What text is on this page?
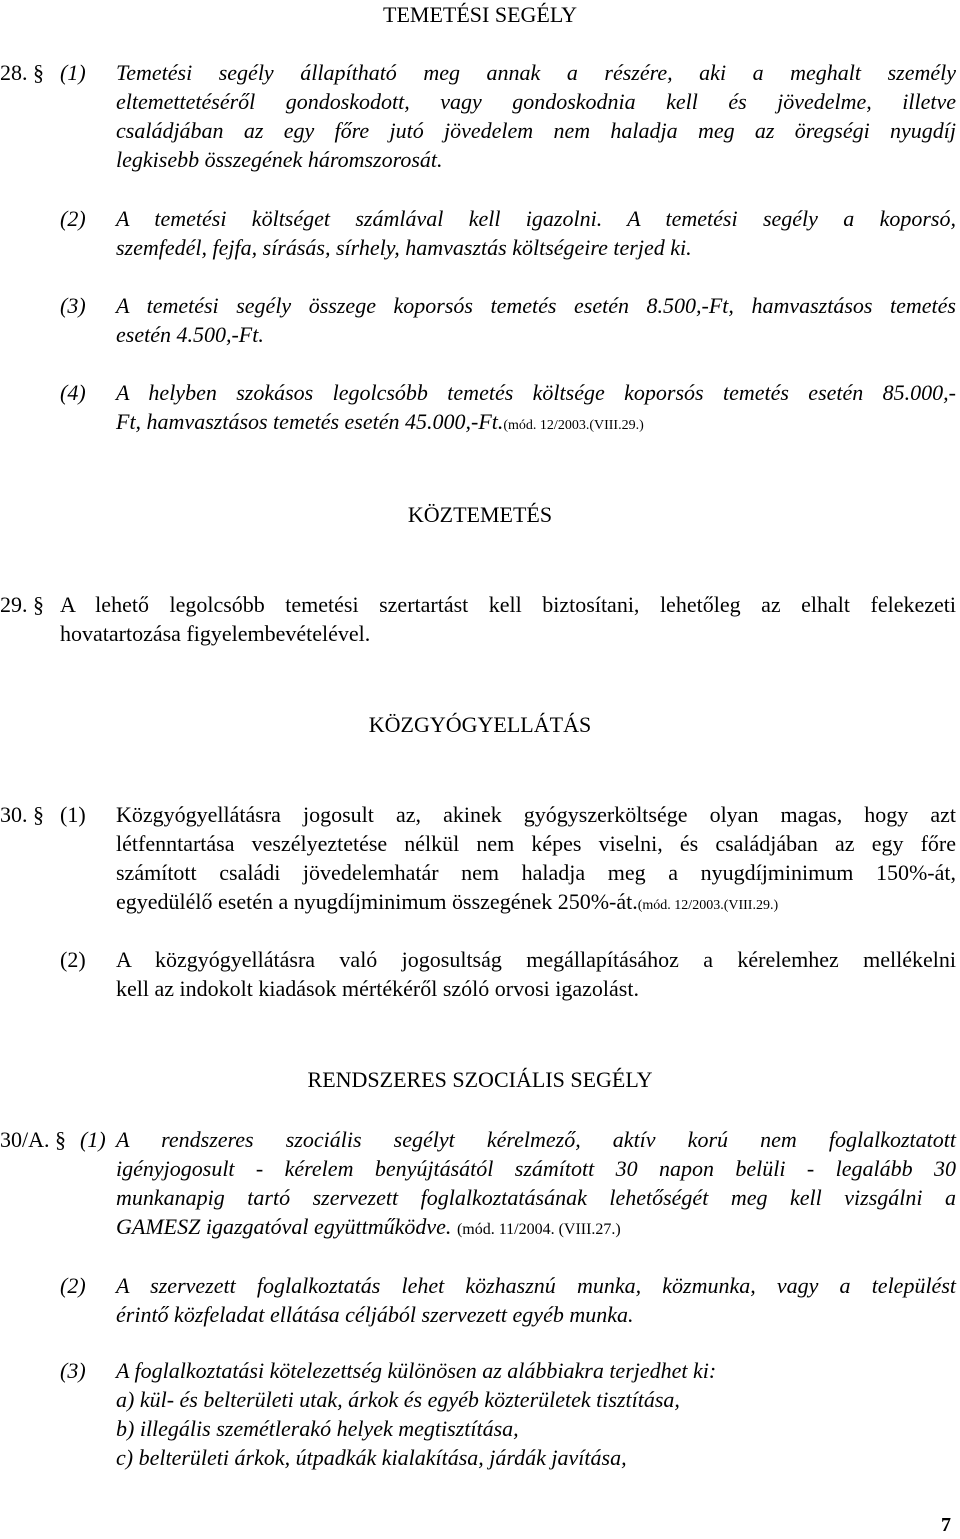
TEMETÉSI SEGÉLY
28. § (1) Temetési segély állapítható meg annak a részére, aki a meghalt személy
eltemettetéséről gondoskodott, vagy gondoskodnia kell és jövedelme, illetve
családjában az egy főre jutó jövedelem nem haladja meg az öregségi nyugdíj
legkisebb összegének háromszorosát.
(2) A temetési költséget számlával kell igazolni. A temetési segély a koporsó,
szemfedél, fejfa, sírásás, sírhely, hamvasztás költségeire terjed ki.
(3) A temetési segély összege koporsós temetés esetén 8.500,-Ft, hamvasztásos temetés
esetén 4.500,-Ft.
(4) A helyben szokásos legolcsóbb temetés költsége koporsós temetés esetén 85.000,-
Ft, hamvasztásos temetés esetén 45.000,-Ft.(mód. 12/2003.(VIII.29.)
KÖZTEMETÉS
29. § A lehető legolcsóbb temetési szertartást kell biztosítani, lehetőleg az elhalt felekezeti
hovatartozása figyelembevételével.
KÖZGYÓGYELLÁTÁS
30. § (1) Közgyógyellátásra jogosult az, akinek gyógyszerköltsége olyan magas, hogy azt
létfenntartása veszélyeztetése nélkül nem képes viselni, és családjában az egy főre
számított családi jövedelemhatár nem haladja meg a nyugdíjminimum 150%-át,
egyedülélő esetén a nyugdíjminimum összegének 250%-át.(mód. 12/2003.(VIII.29.)
(2) A közgyógyellátásra való jogosultság megállapításához a kérelemhez mellékelni
kell az indokolt kiadások mértékéről szóló orvosi igazolást.
RENDSZERES SZOCIÁLIS SEGÉLY
30/A. § (1) A rendszeres szociális segélyt kérelmező, aktív korú nem foglalkoztatott
igényjogosult - kérelem benyújtásától számított 30 napon belüli - legalább 30
munkanapig tartó szervezett foglalkoztatásának lehetőségét meg kell vizsgálni a
GAMESZ igazgatóval együttműködve. (mód. 11/2004. (VIII.27.)
(2) A szervezett foglalkoztatás lehet közhasznú munka, közmunka, vagy a települést
érintő közfeladat ellátása céljából szervezett egyéb munka.
(3) A foglalkoztatási kötelezettség különösen az alábbiakra terjedhet ki:
a) kül- és belterületi utak, árkok és egyéb közterületek tisztítása,
b) illegális szemétlerakó helyek megtisztítása,
c) belterületi árkok, útpadkák kialakítása, járdák javítása,
7
